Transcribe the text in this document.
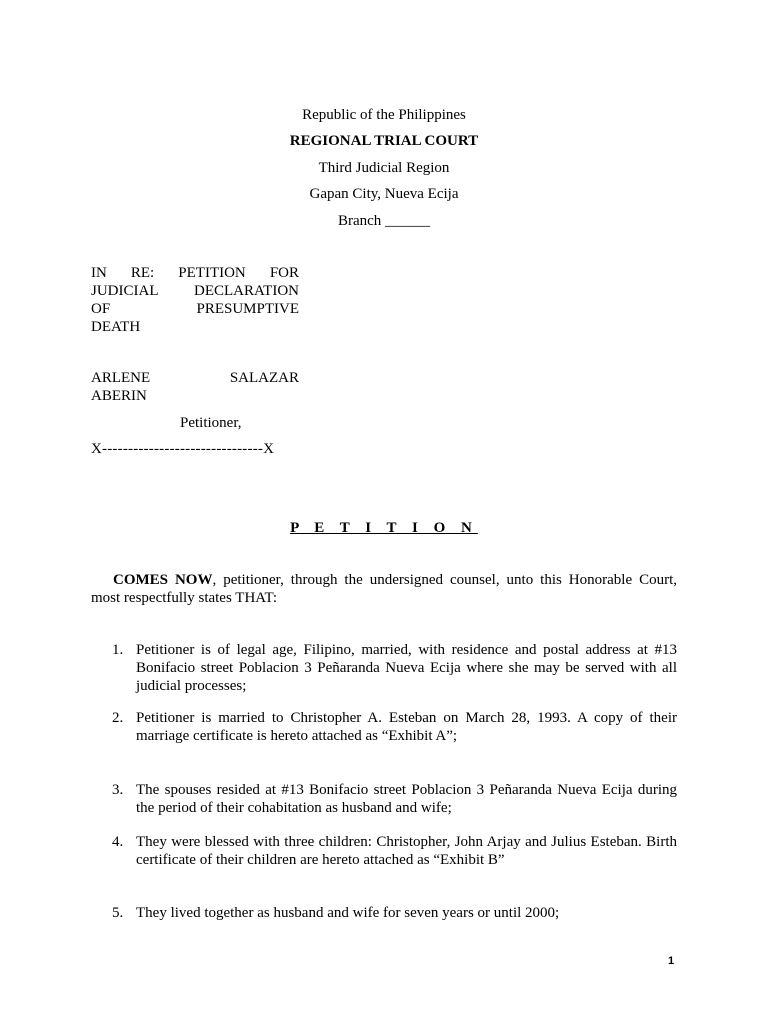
Republic of the Philippines
REGIONAL TRIAL COURT
Third Judicial Region
Gapan City, Nueva Ecija
Branch ______
IN RE: PETITION FOR
JUDICIAL DECLARATION
OF PRESUMPTIVE
DEATH
ARLENE SALAZAR
ABERIN
Petitioner,
X-------------------------------X
P E T I T I O N
COMES NOW, petitioner, through the undersigned counsel, unto this Honorable Court, most respectfully states THAT:
1. Petitioner is of legal age, Filipino, married, with residence and postal address at #13 Bonifacio street Poblacion 3 Peñaranda Nueva Ecija where she may be served with all judicial processes;
2. Petitioner is married to Christopher A. Esteban on March 28, 1993. A copy of their marriage certificate is hereto attached as “Exhibit A”;
3. The spouses resided at #13 Bonifacio street Poblacion 3 Peñaranda Nueva Ecija during the period of their cohabitation as husband and wife;
4. They were blessed with three children: Christopher, John Arjay and Julius Esteban. Birth certificate of their children are hereto attached as “Exhibit B”
5. They lived together as husband and wife for seven years or until 2000;
1
